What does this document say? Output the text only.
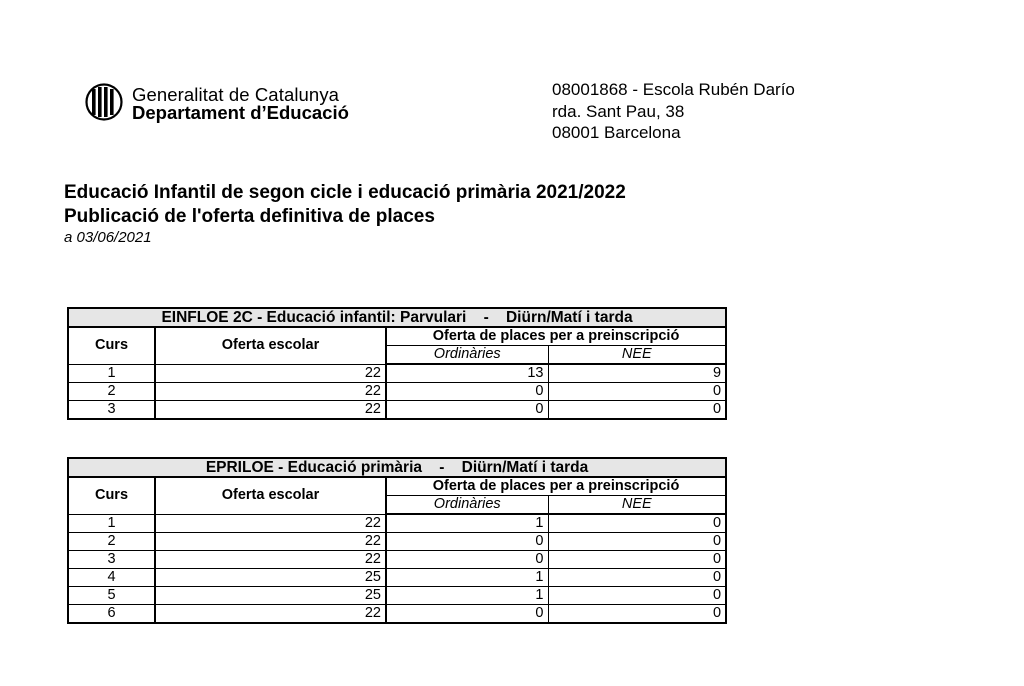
Generalitat de Catalunya
Departament d’Educació
08001868 - Escola Rubén Darío
rda. Sant Pau, 38
08001 Barcelona
Educació Infantil de segon cicle i educació primària 2021/2022
Publicació de l'oferta definitiva de places
a 03/06/2021
EINFLOE 2C - Educació infantil: Parvulari    -    Diürn/Matí i tarda			
Curs	Oferta escolar	Oferta de places per a preinscripció	
		Ordinàries	NEE
1	22	13	9
2	22	0	0
3	22	0	0
EPRILOE - Educació primària    -    Diürn/Matí i tarda			
Curs	Oferta escolar	Oferta de places per a preinscripció	
		Ordinàries	NEE
1	22	1	0
2	22	0	0
3	22	0	0
4	25	1	0
5	25	1	0
6	22	0	0
